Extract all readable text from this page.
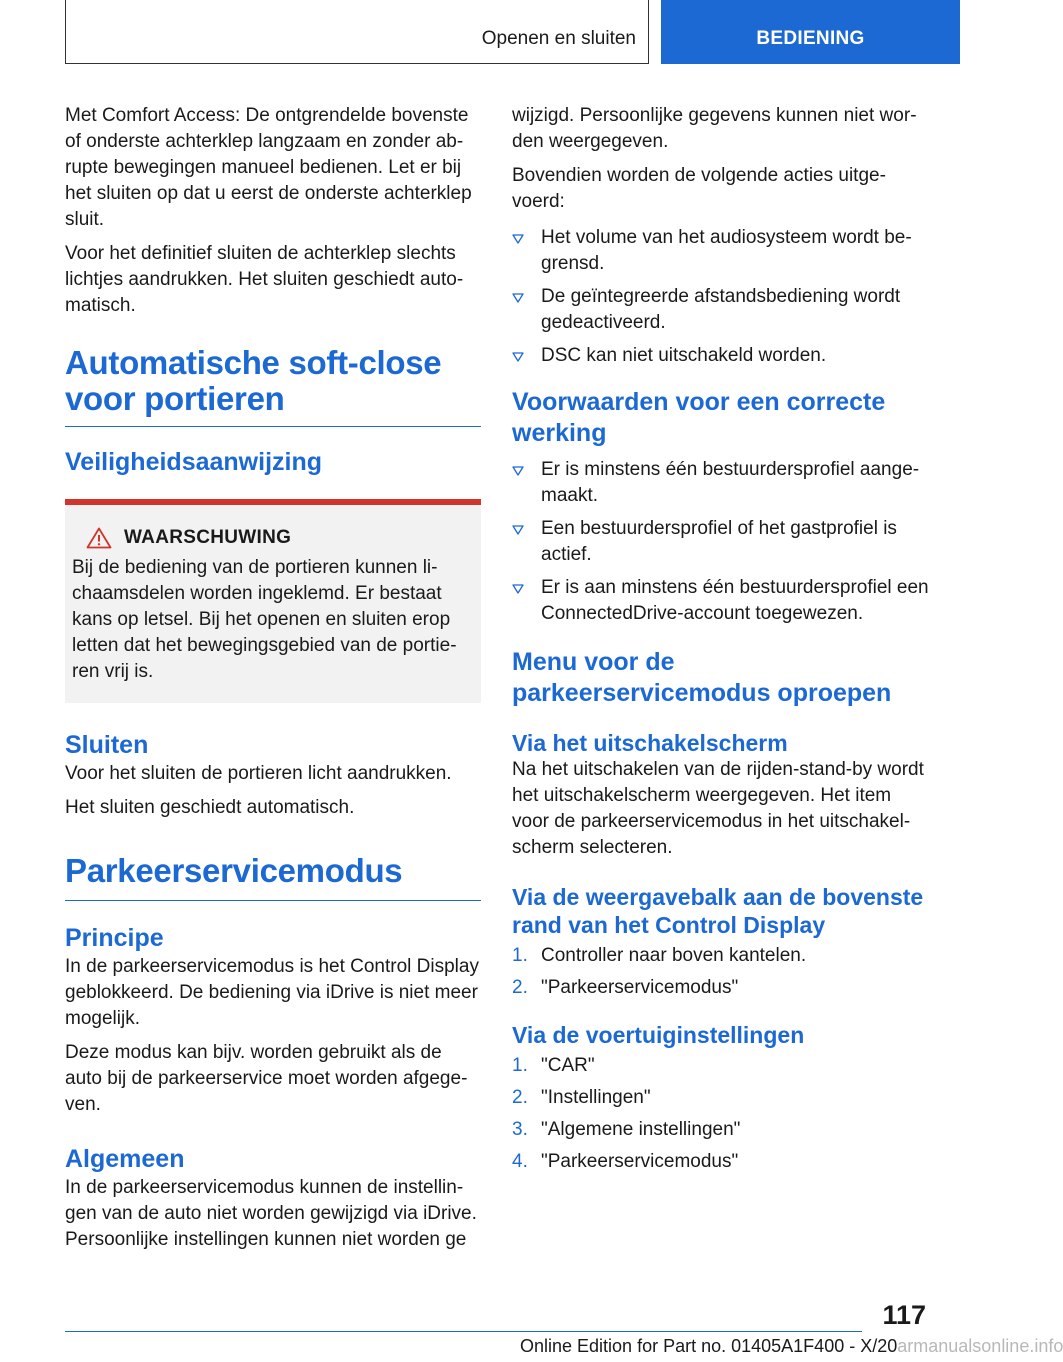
Openen en sluiten	BEDIENING

Met Comfort Access: De ontgrendelde bovenste of onderste achterklep langzaam en zonder abrupte bewegingen manueel bedienen. Let er bij het sluiten op dat u eerst de onderste achterklep sluit.

Voor het definitief sluiten de achterklep slechts lichtjes aandrukken. Het sluiten geschiedt automatisch.

Automatische soft-close voor portieren
Veiligheidsaanwijzing
WAARSCHUWING

Bij de bediening van de portieren kunnen lichaamsdelen worden ingeklemd. Er bestaat kans op letsel. Bij het openen en sluiten erop letten dat het bewegingsgebied van de portieren vrij is.

Sluiten

Voor het sluiten de portieren licht aandrukken.

Het sluiten geschiedt automatisch.

Parkeerservicemodus
Principe

In de parkeerservicemodus is het Control Display geblokkeerd. De bediening via iDrive is niet meer mogelijk.

Deze modus kan bijv. worden gebruikt als de auto bij de parkeerservice moet worden afgegeven.

Algemeen

In de parkeerservicemodus kunnen de instellingen van de auto niet worden gewijzigd via iDrive. Persoonlijke instellingen kunnen niet worden ge

wijzigd. Persoonlijke gegevens kunnen niet worden weergegeven.

Bovendien worden de volgende acties uitgevoerd:

Het volume van het audiosysteem wordt begrensd.
De geïntegreerde afstandsbediening wordt gedeactiveerd.
DSC kan niet uitschakeld worden.
Voorwaarden voor een correcte werking
Er is minstens één bestuurdersprofiel aangemaakt.
Een bestuurdersprofiel of het gastprofiel is actief.
Er is aan minstens één bestuurdersprofiel een ConnectedDrive-account toegewezen.
Menu voor de parkeerservicemodus oproepen
Via het uitschakelscherm

Na het uitschakelen van de rijden-stand-by wordt het uitschakelscherm weergegeven. Het item voor de parkeerservicemodus in het uitschakelscherm selecteren.

Via de weergavebalk aan de bovenste rand van het Control Display
1. Controller naar boven kantelen.
2. "Parkeerservicemodus"
Via de voertuiginstellingen
1. "CAR"
2. "Instellingen"
3. "Algemene instellingen"
4. "Parkeerservicemodus"
117
Online Edition for Part no. 01405A1F400 - X/20armanualsonline.info
